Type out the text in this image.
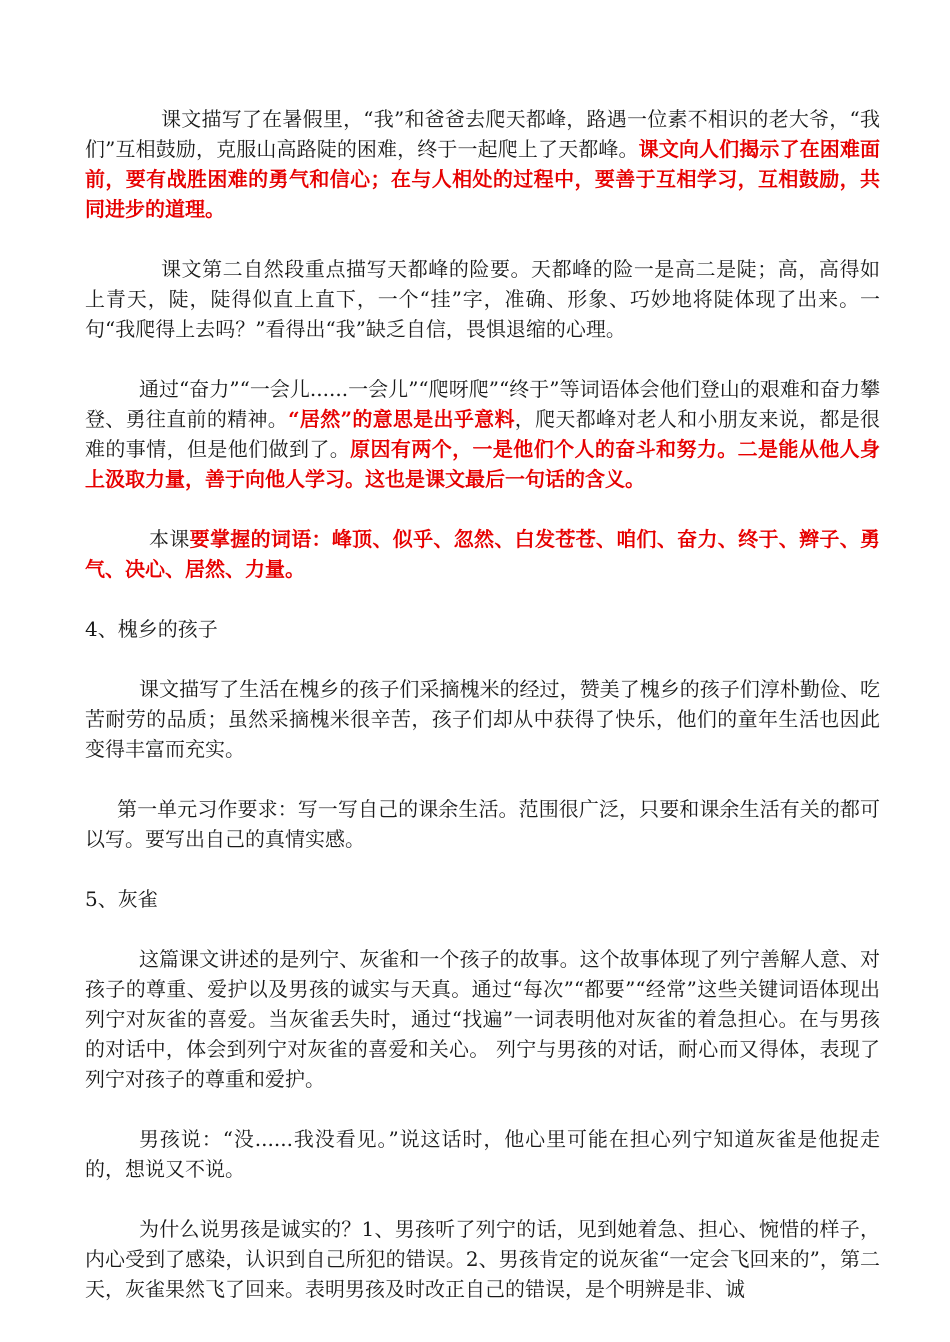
课文描写了在暑假里，“我”和爸爸去爬天都峰，路遇一位素不相识的老大爷，“我们”互相鼓励，克服山高路陡的困难，终于一起爬上了天都峰。课文向人们揭示了在困难面前，要有战胜困难的勇气和信心；在与人相处的过程中，要善于互相学习，互相鼓励，共同进步的道理。

课文第二自然段重点描写天都峰的险要。天都峰的险一是高二是陡；高，高得如上青天，陡，陡得似直上直下，一个“挂”字，准确、形象、巧妙地将陡体现了出来。一句“我爬得上去吗？”看得出“我”缺乏自信，畏惧退缩的心理。

通过“奋力”“一会儿......一会儿”“爬呀爬”“终于”等词语体会他们登山的艰难和奋力攀登、勇往直前的精神。“居然”的意思是出乎意料，爬天都峰对老人和小朋友来说，都是很难的事情，但是他们做到了。原因有两个，一是他们个人的奋斗和努力。二是能从他人身上汲取力量，善于向他人学习。这也是课文最后一句话的含义。

本课要掌握的词语：峰顶、似乎、忽然、白发苍苍、咱们、奋力、终于、辫子、勇气、决心、居然、力量。

4、槐乡的孩子

课文描写了生活在槐乡的孩子们采摘槐米的经过，赞美了槐乡的孩子们淳朴勤俭、吃苦耐劳的品质；虽然采摘槐米很辛苦，孩子们却从中获得了快乐，他们的童年生活也因此变得丰富而充实。

第一单元习作要求：写一写自己的课余生活。范围很广泛，只要和课余生活有关的都可以写。要写出自己的真情实感。

5、灰雀

这篇课文讲述的是列宁、灰雀和一个孩子的故事。这个故事体现了列宁善解人意、对孩子的尊重、爱护以及男孩的诚实与天真。通过“每次”“都要”“经常”这些关键词语体现出列宁对灰雀的喜爱。当灰雀丢失时，通过“找遍”一词表明他对灰雀的着急担心。在与男孩的对话中，体会到列宁对灰雀的喜爱和关心。 列宁与男孩的对话，耐心而又得体，表现了列宁对孩子的尊重和爱护。

男孩说：“没......我没看见。”说这话时，他心里可能在担心列宁知道灰雀是他捉走的，想说又不说。

为什么说男孩是诚实的？1、男孩听了列宁的话，见到她着急、担心、惋惜的样子，内心受到了感染，认识到自己所犯的错误。2、男孩肯定的说灰雀“一定会飞回来的”，第二天，灰雀果然飞了回来。表明男孩及时改正自己的错误，是个明辨是非、诚
